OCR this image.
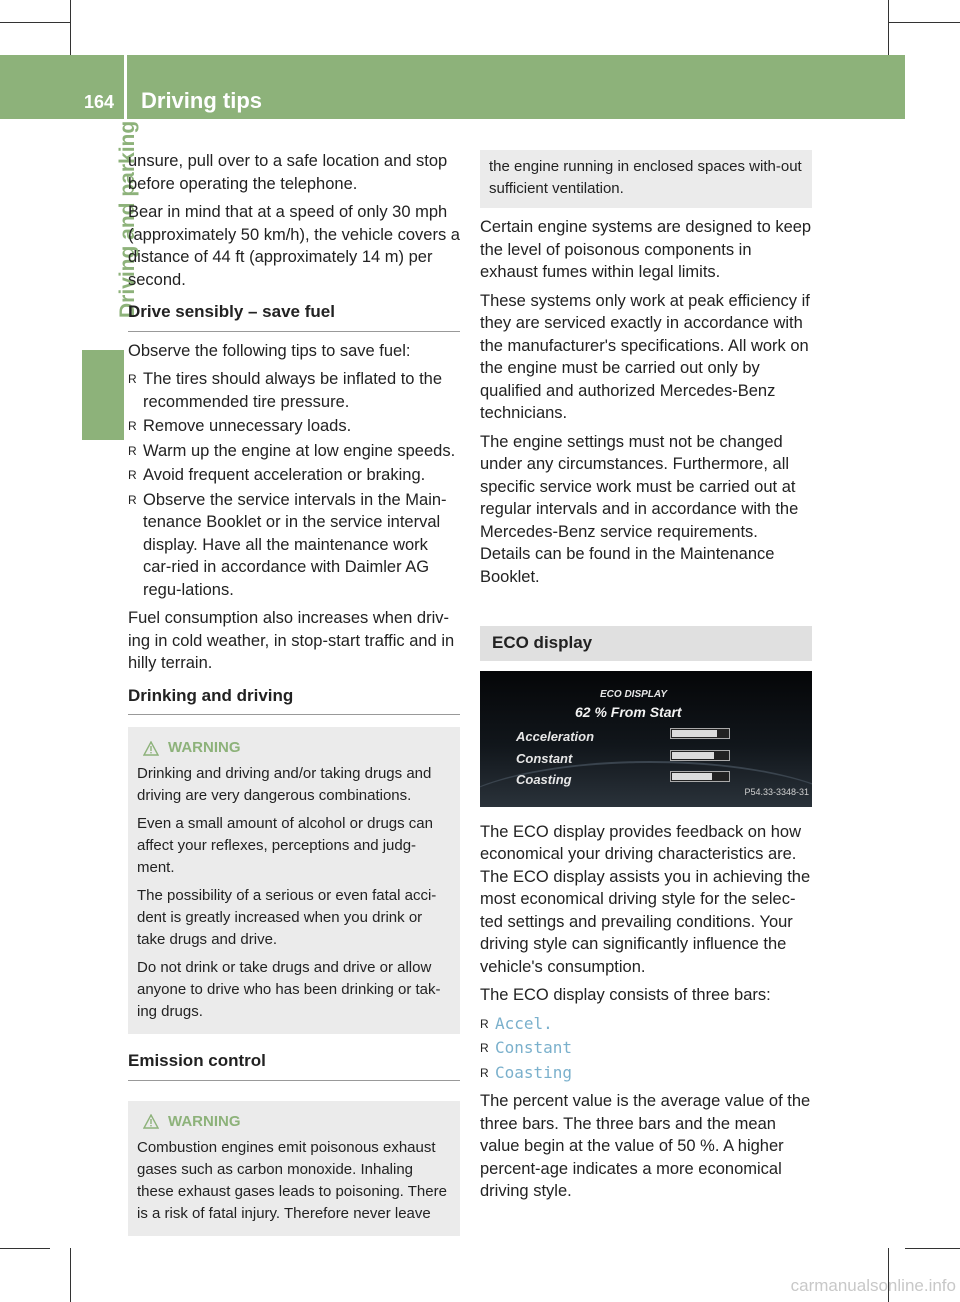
164 Driving tips
Driving and parking

unsure, pull over to a safe location and stop before operating the telephone.

Bear in mind that at a speed of only 30 mph (approximately 50 km/h), the vehicle covers a distance of 44 ft (approximately 14 m) per second.

Drive sensibly – save fuel

Observe the following tips to save fuel:

R The tires should always be inflated to the recommended tire pressure.
R Remove unnecessary loads.
R Warm up the engine at low engine speeds.
R Avoid frequent acceleration or braking.
R Observe the service intervals in the Main-tenance Booklet or in the service interval display. Have all the maintenance work car-ried in accordance with Daimler AG regu-lations.

Fuel consumption also increases when driv-ing in cold weather, in stop-start traffic and in hilly terrain.

Drinking and driving
WARNING

Drinking and driving and/or taking drugs and driving are very dangerous combinations.

Even a small amount of alcohol or drugs can affect your reflexes, perceptions and judg-ment.

The possibility of a serious or even fatal acci-dent is greatly increased when you drink or take drugs and drive.

Do not drink or take drugs and drive or allow anyone to drive who has been drinking or tak-ing drugs.

Emission control
WARNING

Combustion engines emit poisonous exhaust gases such as carbon monoxide. Inhaling these exhaust gases leads to poisoning. There is a risk of fatal injury. Therefore never leave

the engine running in enclosed spaces with-out sufficient ventilation.

Certain engine systems are designed to keep the level of poisonous components in exhaust fumes within legal limits.

These systems only work at peak efficiency if they are serviced exactly in accordance with the manufacturer's specifications. All work on the engine must be carried out only by qualified and authorized Mercedes-Benz technicians.

The engine settings must not be changed under any circumstances. Furthermore, all specific service work must be carried out at regular intervals and in accordance with the Mercedes-Benz service requirements. Details can be found in the Maintenance Booklet.

ECO display
ECO DISPLAY
62 % From Start
Acceleration
Constant
Coasting
P54.33-3348-31

The ECO display provides feedback on how economical your driving characteristics are. The ECO display assists you in achieving the most economical driving style for the selec-ted settings and prevailing conditions. Your driving style can significantly influence the vehicle's consumption.

The ECO display consists of three bars:

R Accel.
R Constant
R Coasting

The percent value is the average value of the three bars. The three bars and the mean value begin at the value of 50 %. A higher percent-age indicates a more economical driving style.

carmanualsonline.info
